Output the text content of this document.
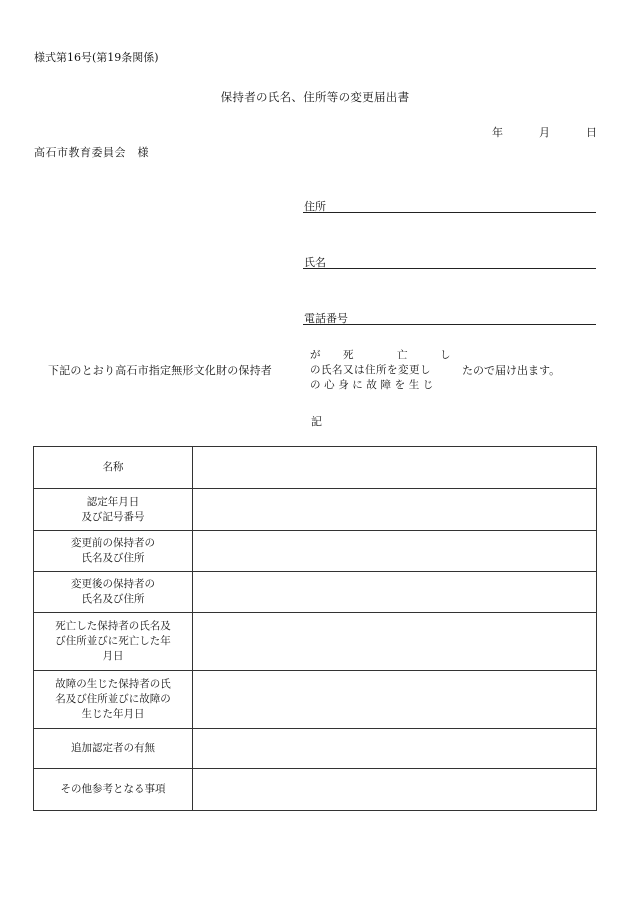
様式第16号(第19条関係)
保持者の氏名、住所等の変更届出書
年	月	日
高石市教育委員会　様
住所
氏名
電話番号
下記のとおり高石市指定無形文化財の保持者
が 死	亡	し
の氏名又は住所を変更し
の心身に故障を生じ
たので届け出ます。
記
名称	

認定年月日
及び記号番号	

変更前の保持者の
氏名及び住所	

変更後の保持者の
氏名及び住所	

死亡した保持者の氏名及
び住所並びに死亡した年
月日	

故障の生じた保持者の氏
名及び住所並びに故障の
生じた年月日	

追加認定者の有無	

その他参考となる事項	
